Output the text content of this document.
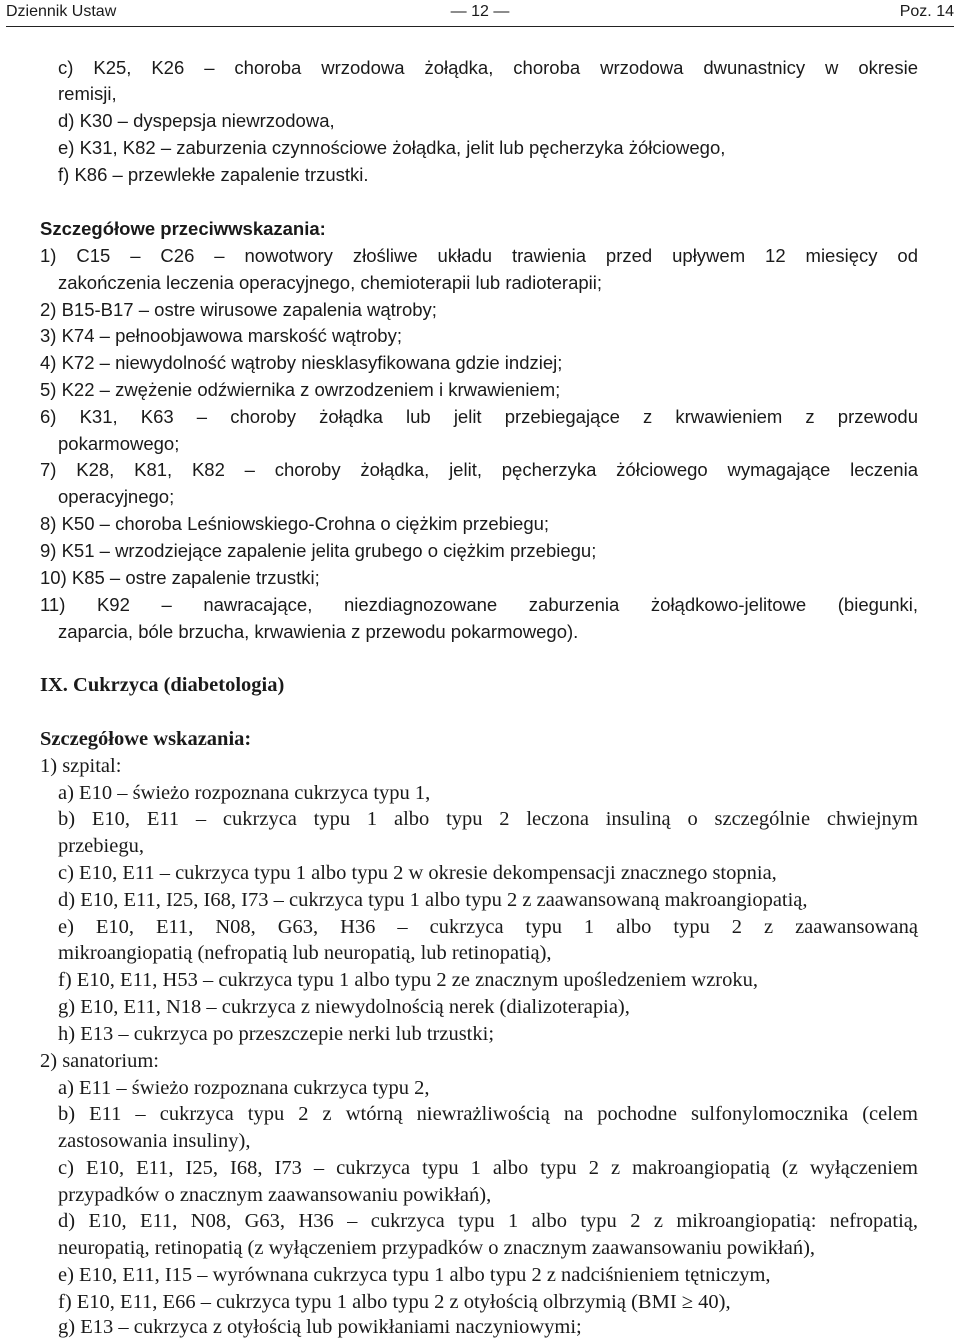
Dziennik Ustaw	— 12 —	Poz. 14
c) K25, K26 – choroba wrzodowa żołądka, choroba wrzodowa dwunastnicy w okresie
remisji,
d) K30 – dyspepsja niewrzodowa,
e) K31, K82 – zaburzenia czynnościowe żołądka, jelit lub pęcherzyka żółciowego,
f) K86 – przewlekłe zapalenie trzustki.
Szczegółowe przeciwwskazania:
1) C15 – C26 – nowotwory złośliwe układu trawienia przed upływem 12 miesięcy od
zakończenia leczenia operacyjnego, chemioterapii lub radioterapii;
2) B15-B17 – ostre wirusowe zapalenia wątroby;
3) K74 – pełnoobjawowa marskość wątroby;
4) K72 – niewydolność wątroby niesklasyfikowana gdzie indziej;
5) K22 – zwężenie odźwiernika z owrzodzeniem i krwawieniem;
6) K31, K63 – choroby żołądka lub jelit przebiegające z krwawieniem z przewodu
pokarmowego;
7) K28, K81, K82 – choroby żołądka, jelit, pęcherzyka żółciowego wymagające leczenia
operacyjnego;
8) K50 – choroba Leśniowskiego-Crohna o ciężkim przebiegu;
9) K51 – wrzodziejące zapalenie jelita grubego o ciężkim przebiegu;
10) K85 – ostre zapalenie trzustki;
11) K92 – nawracające, niezdiagnozowane zaburzenia żołądkowo-jelitowe (biegunki,
zaparcia, bóle brzucha, krwawienia z przewodu pokarmowego).
IX. Cukrzyca (diabetologia)
Szczegółowe wskazania:
1) szpital:
a) E10 – świeżo rozpoznana cukrzyca typu 1,
b) E10, E11 – cukrzyca typu 1 albo typu 2 leczona insuliną o szczególnie chwiejnym
przebiegu,
c) E10, E11 – cukrzyca typu 1 albo typu 2 w okresie dekompensacji znacznego stopnia,
d) E10, E11, I25, I68, I73 – cukrzyca typu 1 albo typu 2 z zaawansowaną makroangiopatią,
e) E10, E11, N08, G63, H36 – cukrzyca typu 1 albo typu 2 z zaawansowaną
mikroangiopatią (nefropatią lub neuropatią, lub retinopatią),
f) E10, E11, H53 – cukrzyca typu 1 albo typu 2 ze znacznym upośledzeniem wzroku,
g) E10, E11, N18 – cukrzyca z niewydolnością nerek (dializoterapia),
h) E13 – cukrzyca po przeszczepie nerki lub trzustki;
2) sanatorium:
a) E11 – świeżo rozpoznana cukrzyca typu 2,
b) E11 – cukrzyca typu 2 z wtórną niewrażliwością na pochodne sulfonylomocznika (celem
zastosowania insuliny),
c) E10, E11, I25, I68, I73 – cukrzyca typu 1 albo typu 2 z makroangiopatią (z wyłączeniem
przypadków o znacznym zaawansowaniu powikłań),
d) E10, E11, N08, G63, H36 – cukrzyca typu 1 albo typu 2 z mikroangiopatią: nefropatią,
neuropatią, retinopatią (z wyłączeniem przypadków o znacznym zaawansowaniu powikłań),
e) E10, E11, I15 – wyrównana cukrzyca typu 1 albo typu 2 z nadciśnieniem tętniczym,
f) E10, E11, E66 – cukrzyca typu 1 albo typu 2 z otyłością olbrzymią (BMI ≥ 40),
g) E13 – cukrzyca z otyłością lub powikłaniami naczyniowymi;
